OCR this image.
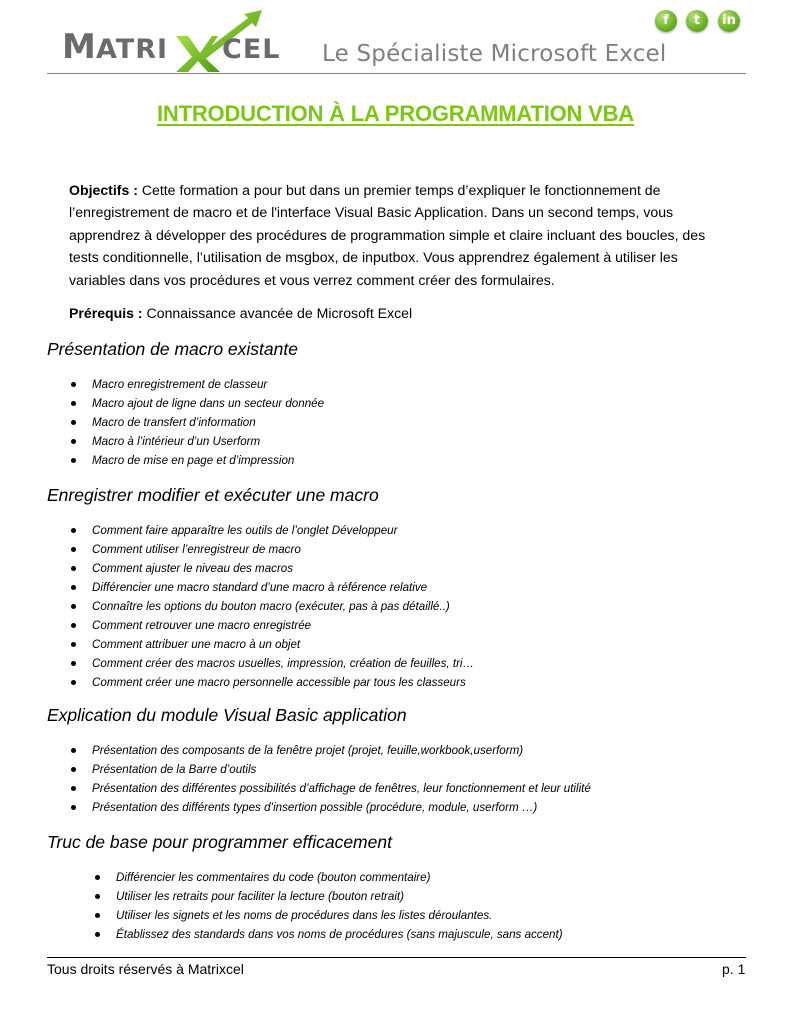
M ATRI CEL Le Spécialiste Microsoft Excel
f	t	in
INTRODUCTION À LA PROGRAMMATION VBA
Objectifs : Cette formation a pour but dans un premier temps d’expliquer le fonctionnement de l’enregistrement de macro et de l'interface Visual Basic Application. Dans un second temps, vous apprendrez à développer des procédures de programmation simple et claire incluant des boucles, des tests conditionnelle, l’utilisation de msgbox, de inputbox. Vous apprendrez également à utiliser les variables dans vos procédures et vous verrez comment créer des formulaires.
Prérequis : Connaissance avancée de Microsoft Excel
Présentation de macro existante
Macro enregistrement de classeur
Macro ajout de ligne dans un secteur donnée
Macro de transfert d’information
Macro à l’intérieur d’un Userform
Macro de mise en page et d’impression
Enregistrer modifier et exécuter une macro
Comment faire apparaître les outils de l’onglet Développeur
Comment utiliser l’enregistreur de macro
Comment ajuster le niveau des macros
Différencier une macro standard d’une macro à référence relative
Connaître les options du bouton macro (exécuter, pas à pas détaillé..)
Comment retrouver une macro enregistrée
Comment attribuer une macro à un objet
Comment créer des macros usuelles, impression, création de feuilles, tri…
Comment créer une macro personnelle accessible par tous les classeurs
Explication du module Visual Basic application
Présentation des composants de la fenêtre projet (projet, feuille,workbook,userform)
Présentation de la Barre d’outils
Présentation des différentes possibilités d’affichage de fenêtres, leur fonctionnement et leur utilité
Présentation des différents types d’insertion possible (procédure, module, userform …)
Truc de base pour programmer efficacement
Différencier les commentaires du code (bouton commentaire)
Utiliser les retraits pour faciliter la lecture (bouton retrait)
Utiliser les signets et les noms de procédures dans les listes déroulantes.
Établissez des standards dans vos noms de procédures (sans majuscule, sans accent)
Tous droits réservés à Matrixcel	p. 1
